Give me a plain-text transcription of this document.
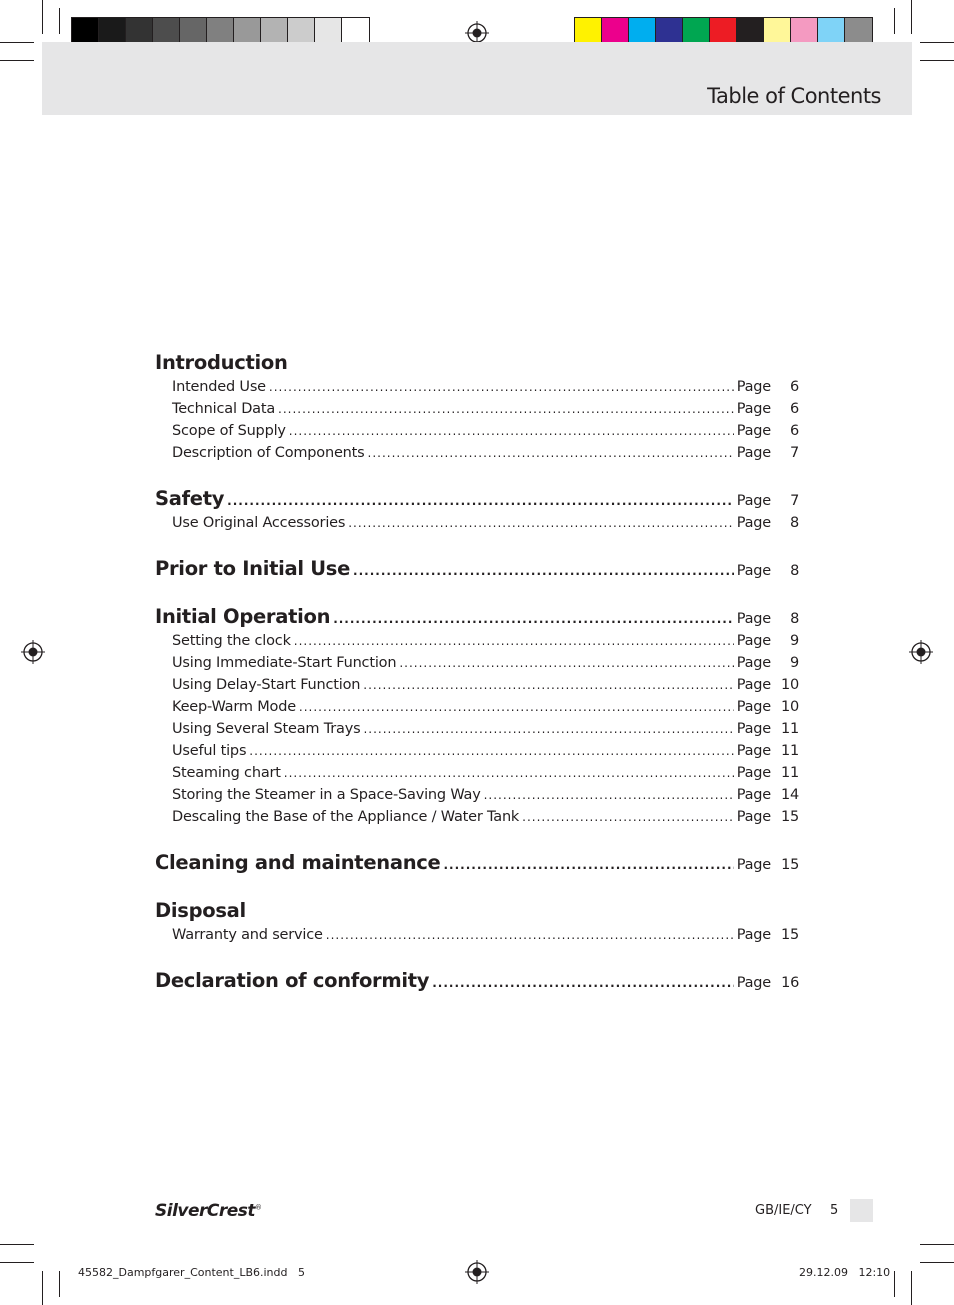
Table of Contents
Introduction
Intended Use .....	Page	6
Technical Data .....	Page	6
Scope of Supply .....	Page	6
Description of Components .....	Page	7
Safety .....	Page	7
Use Original Accessories .....	Page	8
Prior to Initial Use .....	Page	8
Initial Operation .....	Page	8
Setting the clock .....	Page	9
Using Immediate-Start Function .....	Page	9
Using Delay-Start Function .....	Page 10
Keep-Warm Mode .....	Page 10
Using Several Steam Trays .....	Page 11
Useful tips .....	Page 11
Steaming chart .....	Page 11
Storing the Steamer in a Space-Saving Way .....	Page 14
Descaling the Base of the Appliance / Water Tank .....	Page 15
Cleaning and maintenance .....	Page 15
Disposal
Warranty and service .....	Page 15
Declaration of conformity .....	Page 16
SilverCrest®	GB/IE/CY 5
45582_Dampfgarer_Content_LB6.indd   5	29.12.09   12:10
